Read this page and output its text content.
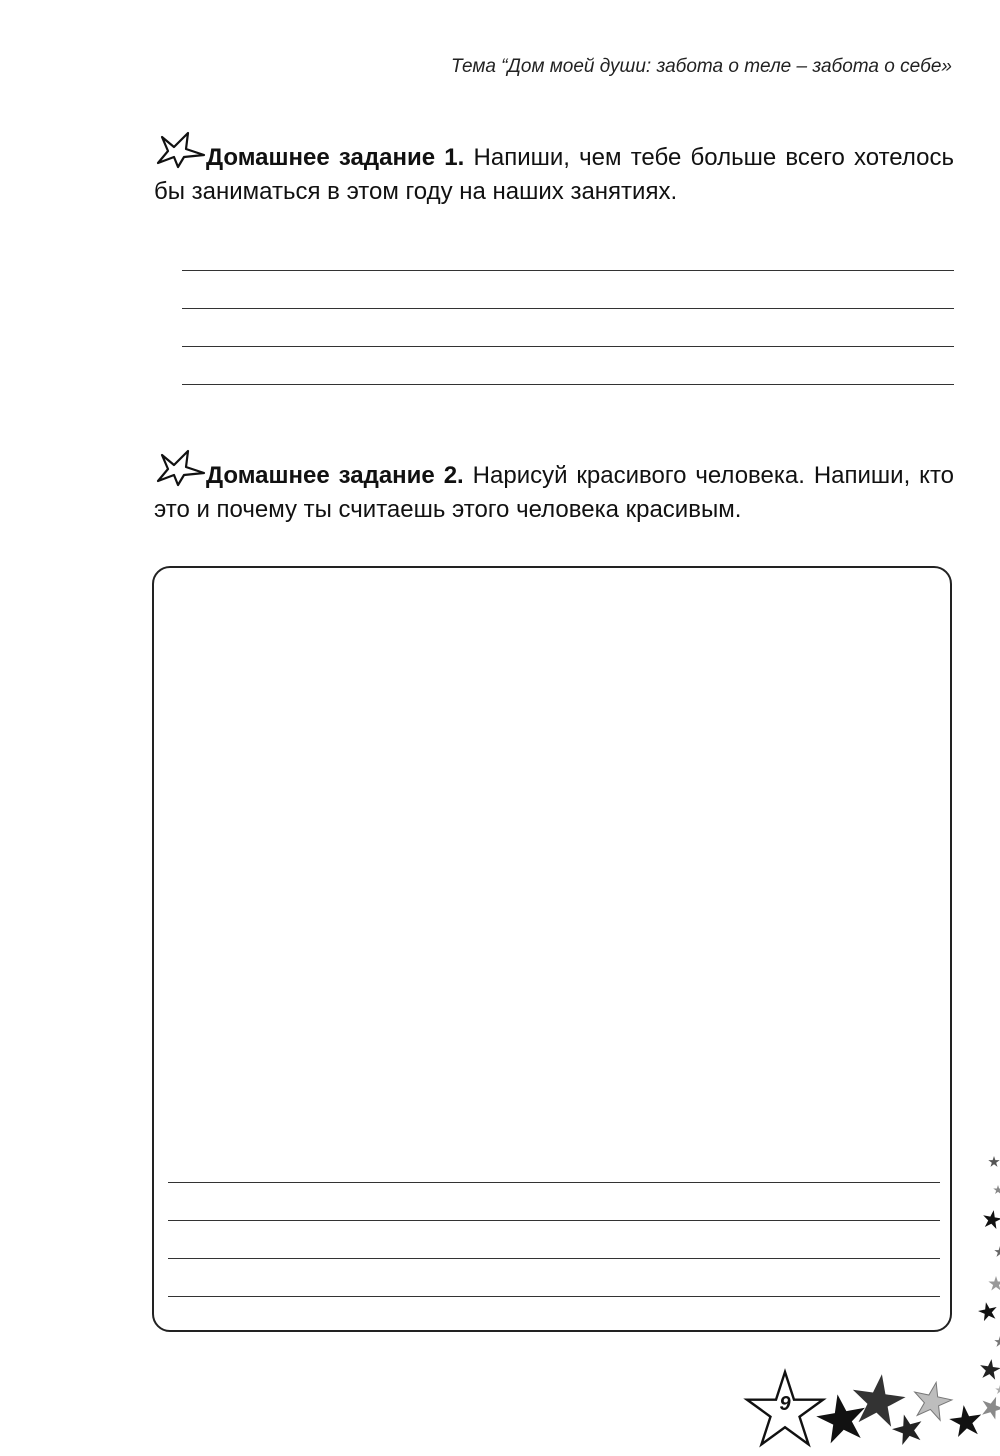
Тема “Дом моей души: забота о теле – забота о себе»
Домашнее задание 1. Напиши, чем тебе больше всего хотелось бы заниматься в этом году на наших занятиях.
Домашнее задание 2. Нарисуй красивого человека. Напиши, кто это и почему ты считаешь этого человека красивым.
9
